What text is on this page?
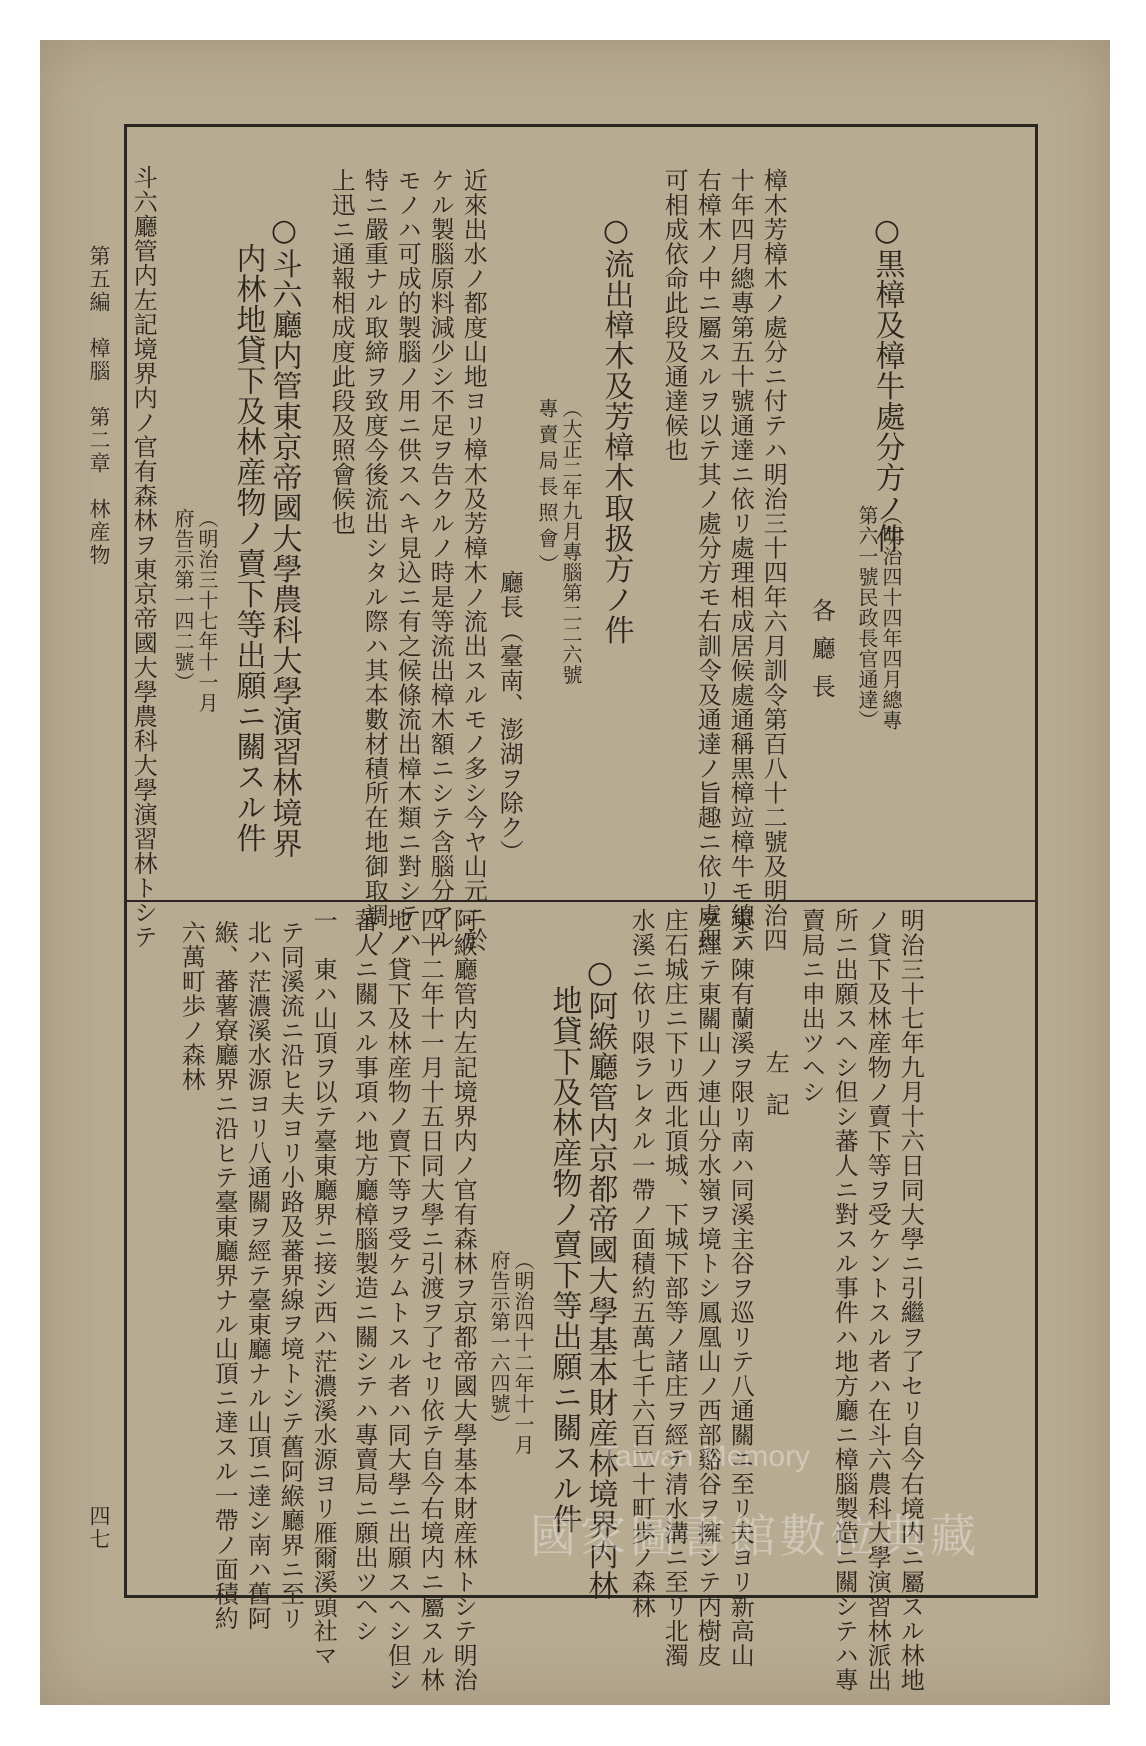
○黒樟及樟牛處分方ノ件
（明治四十四年四月總專
第六一號民政長官通達）
各廳長
樟木芳樟木ノ處分ニ付テハ明治三十四年六月訓令第百八十二號及明治四
十年四月總專第五十號通達ニ依リ處理相成居候處通稱黒樟竝樟牛モ總テ
右樟木ノ中ニ屬スルヲ以テ其ノ處分方モ右訓令及通達ノ旨趣ニ依リ處理
可相成依命此段及通達候也
○流出樟木及芳樟木取扱方ノ件
（大正二年九月專腦第二二六號
專賣局長照會）
廳長（臺南、澎湖ヲ除ク）
近來出水ノ都度山地ヨリ樟木及芳樟木ノ流出スルモノ多シ今ヤ山元ニ於
ケル製腦原料減少シ不足ヲ告クルノ時是等流出樟木額ニシテ含腦分アル
モノハ可成的製腦ノ用ニ供スヘキ見込ニ有之候條流出樟木類ニ對シテハ
特ニ嚴重ナル取締ヲ致度今後流出シタル際ハ其本數材積所在地御取調ノ
上迅ニ通報相成度此段及照會候也
○斗六廳内管東京帝國大學農科大學演習林境界
内林地貸下及林産物ノ賣下等出願ニ關スル件
（明治三十七年十一月
府告示第一四二號）
斗六廳管内左記境界内ノ官有森林ヲ東京帝國大學農科大學演習林トシテ
明治三十七年九月十六日同大學ニ引繼ヲ了セリ自今右境内ニ屬スル林地
ノ貸下及林産物ノ賣下等ヲ受ケントスル者ハ在斗六農科大學演習林派出
所ニ出願スヘシ但シ蕃人ニ對スル事件ハ地方廳ニ樟腦製造ニ關シテハ專
賣局ニ申出ツヘシ
左記
東ハ陳有蘭溪ヲ限リ南ハ同溪主谷ヲ巡リテ八通關ニ至リ夫ヨリ新高山
ヲ經テ東關山ノ連山分水嶺ヲ境トシ鳳凰山ノ西部谿谷ヲ擁シテ内樹皮
庄石城庄ニ下リ西北頂城、下城下部等ノ諸庄ヲ經テ清水溝ニ至リ北濁
水溪ニ依リ限ラレタル一帶ノ面積約五萬七千六百二十町歩ノ森林
○阿緱廳管内京都帝國大學基本財産林境界内林
地貸下及林産物ノ賣下等出願ニ關スル件
（明治四十二年十一月
府告示第一六四號）
阿緱廳管内左記境界内ノ官有森林ヲ京都帝國大學基本財産林トシテ明治
四十二年十一月十五日同大學ニ引渡ヲ了セリ依テ自今右境内ニ屬スル林
地ノ貸下及林産物ノ賣下等ヲ受ケムトスル者ハ同大學ニ出願スヘシ但シ
蕃人ニ關スル事項ハ地方廳樟腦製造ニ關シテハ專賣局ニ願出ツヘシ
一　東ハ山頂ヲ以テ臺東廳界ニ接シ西ハ茫濃溪水源ヨリ雁爾溪頭社マ
テ同溪流ニ沿ヒ夫ヨリ小路及蕃界線ヲ境トシテ舊阿緱廳界ニ至リ
北ハ茫濃溪水源ヨリ八通關ヲ經テ臺東廳ナル山頂ニ達シ南ハ舊阿
緱、蕃薯寮廳界ニ沿ヒテ臺東廳界ナル山頂ニ達スル一帶ノ面積約
六萬町歩ノ森林
第五編　樟腦　第二章　林産物
四七
Taiwan Memory
國家圖書館數位典藏
